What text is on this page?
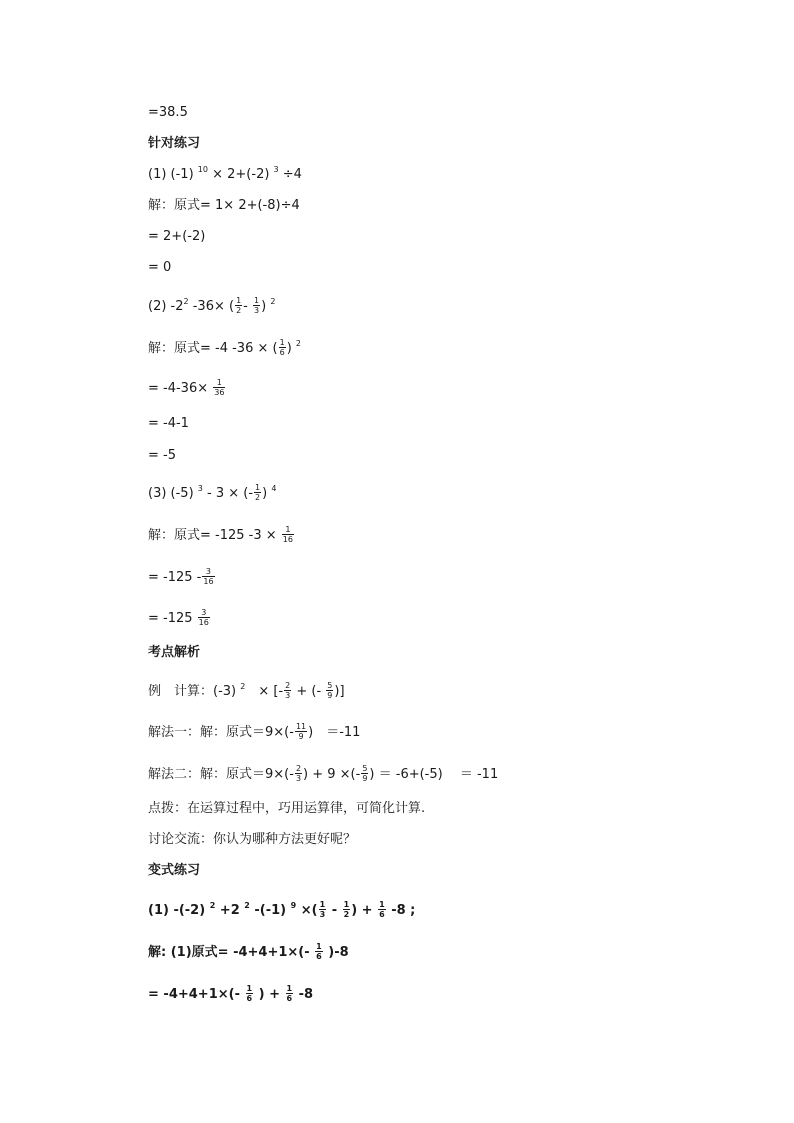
=38.5
针对练习
(1) (-1) $^{10}$ × 2+(-2) $^3$ ÷4
解：原式= 1× 2+(-8)÷4
= 2+(-2)
= 0
(2) $-2^2$ -36× ( $\frac{1}{2} - \frac{1}{3}$ ) $^2$
解：原式= -4 -36 × ( $\frac{1}{6}$ ) $^2$
= $-4-36\times \frac{1}{36}$
= -4-1
= -5
(3) (-5) $^3$ - 3 × (- $\frac{1}{2}$ ) $^4$
解：原式= -125 $-3 \times \frac{1}{16}$
= $-125 - \frac{3}{16}$
= $-125 \frac{3}{16}$
考点解析
例　计算：(-3) $^2$　× [- $\frac{2}{3}$ + (- $\frac{5}{9}$ )]
解法一：解：原式$=9\times(- \frac{11}{9}$ )　＝-11
解法二：解：原式$=9\times(- \frac{2}{3}$ ) + 9 ×(- $\frac{5}{9}$ ) ＝ -6+(-5)　 ＝ -11
点拨：在运算过程中，巧用运算律，可简化计算.
讨论交流：你认为哪种方法更好呢？
变式练习
(1) -(-2) $^2$ +2 $^2$ -(-1) $^9$ ×( $\frac{1}{3} - \frac{1}{2}$ ) + $\frac{1}{6} -8$ ;
解: (1)原式= $-4+4+1\times(- \frac{1}{6} )-8$
= $-4+4+1\times(- \frac{1}{6}$ ) + $\frac{1}{6} -8$
